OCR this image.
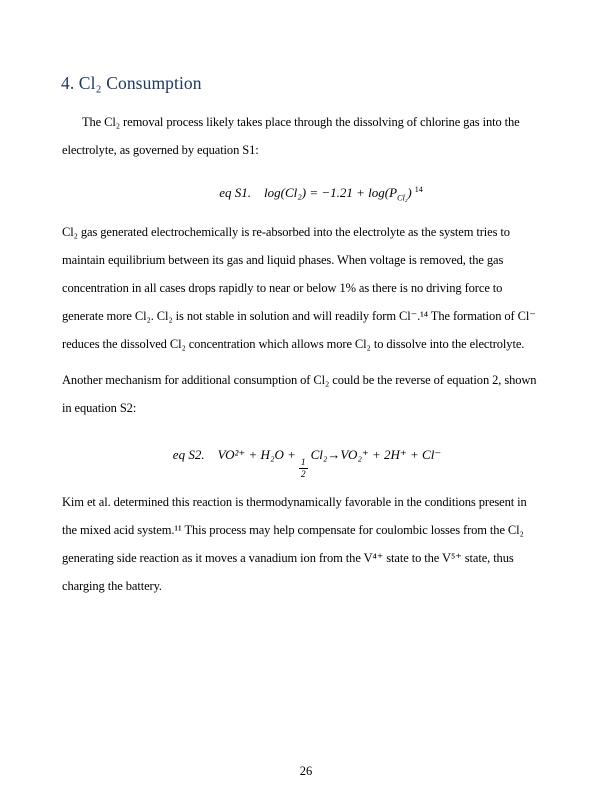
4. Cl₂ Consumption
The Cl₂ removal process likely takes place through the dissolving of chlorine gas into the
electrolyte, as governed by equation S1:
eq S1. $\log(Cl_2) = -1.21 + \log(P_{Cl_2})$ $^{14}$
Cl₂ gas generated electrochemically is re-absorbed into the electrolyte as the system tries to
maintain equilibrium between its gas and liquid phases. When voltage is removed, the gas
concentration in all cases drops rapidly to near or below 1% as there is no driving force to
generate more Cl₂. Cl₂ is not stable in solution and will readily form Cl⁻.¹⁴ The formation of Cl⁻
reduces the dissolved Cl₂ concentration which allows more Cl₂ to dissolve into the electrolyte.
Another mechanism for additional consumption of Cl₂ could be the reverse of equation 2, shown
in equation S2:
eq S2. VO²⁺ + H₂O +
$\frac{1}{2}$
Cl₂→VO₂⁺ + 2H⁺ + Cl⁻
Kim et al. determined this reaction is thermodynamically favorable in the conditions present in
the mixed acid system.¹¹ This process may help compensate for coulombic losses from the Cl₂
generating side reaction as it moves a vanadium ion from the V⁴⁺ state to the V⁵⁺ state, thus
charging the battery.
26
